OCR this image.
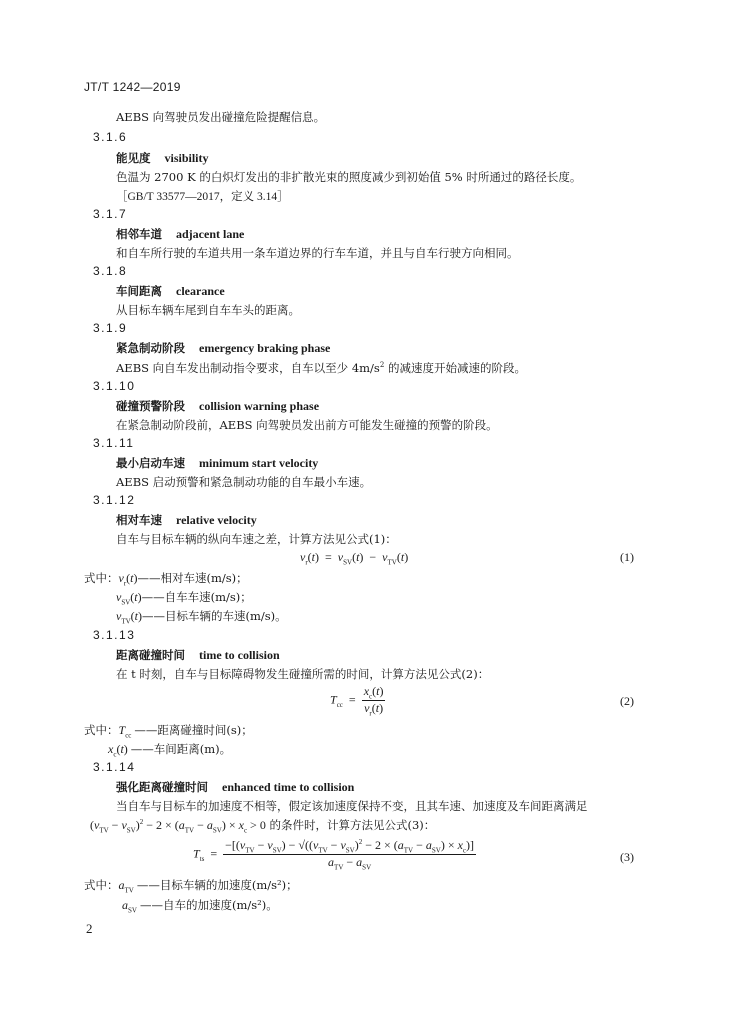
JT/T 1242—2019
AEBS 向驾驶员发出碰撞危险提醒信息。
3.1.6
能见度 visibility
色温为 2700 K 的白炽灯发出的非扩散光束的照度减少到初始值 5% 时所通过的路径长度。
［GB/T 33577—2017，定义 3.14］
3.1.7
相邻车道 adjacent lane
和自车所行驶的车道共用一条车道边界的行车车道，并且与自车行驶方向相同。
3.1.8
车间距离 clearance
从目标车辆车尾到自车车头的距离。
3.1.9
紧急制动阶段 emergency braking phase
AEBS 向自车发出制动指令要求，自车以至少 $4m/s^2$ 的减速度开始减速的阶段。
3.1.10
碰撞预警阶段 collision warning phase
在紧急制动阶段前，AEBS 向驾驶员发出前方可能发生碰撞的预警的阶段。
3.1.11
最小启动车速 minimum start velocity
AEBS 启动预警和紧急制动功能的自车最小车速。
3.1.12
相对车速 relative velocity
自车与目标车辆的纵向车速之差，计算方法见公式(1)：
$v_r(t) = v_{SV}(t) - v_{TV}(t)$	(1)
式中：$v_r(t)——$相对车速(m/s)；
$v_{SV}(t)——$自车车速(m/s)；
$v_{TV}(t)——$目标车辆的车速(m/s)。
3.1.13
距离碰撞时间 time to collision
在 t 时刻，自车与目标障碍物发生碰撞所需的时间，计算方法见公式(2)：
$T_{cc} = \frac{x_c(t)}{v_r(t)}$	(2)
式中：$T_{cc}$ ——距离碰撞时间(s)；
$x_c(t)$ ——车间距离(m)。
3.1.14
强化距离碰撞时间 enhanced time to collision
当自车与目标车的加速度不相等，假定该加速度保持不变，且其车速、加速度及车间距离满足
$(v_{TV} - v_{SV})^2 - 2 \times (a_{TV} - a_{SV}) \times x_c > 0$ 的条件时，计算方法见公式(3)：
$T_{ts} = \frac{-[(v_{TV} - v_{SV}) - √((v_{TV} - v_{SV})^2 - 2 \times (a_{TV} - a_{SV}) \times x_c)]}{a_{TV} - a_{SV}}$	(3)
式中：$a_{TV}$ ——目标车辆的加速度(m/s²)；
$a_{SV}$ ——自车的加速度(m/s²)。
2
